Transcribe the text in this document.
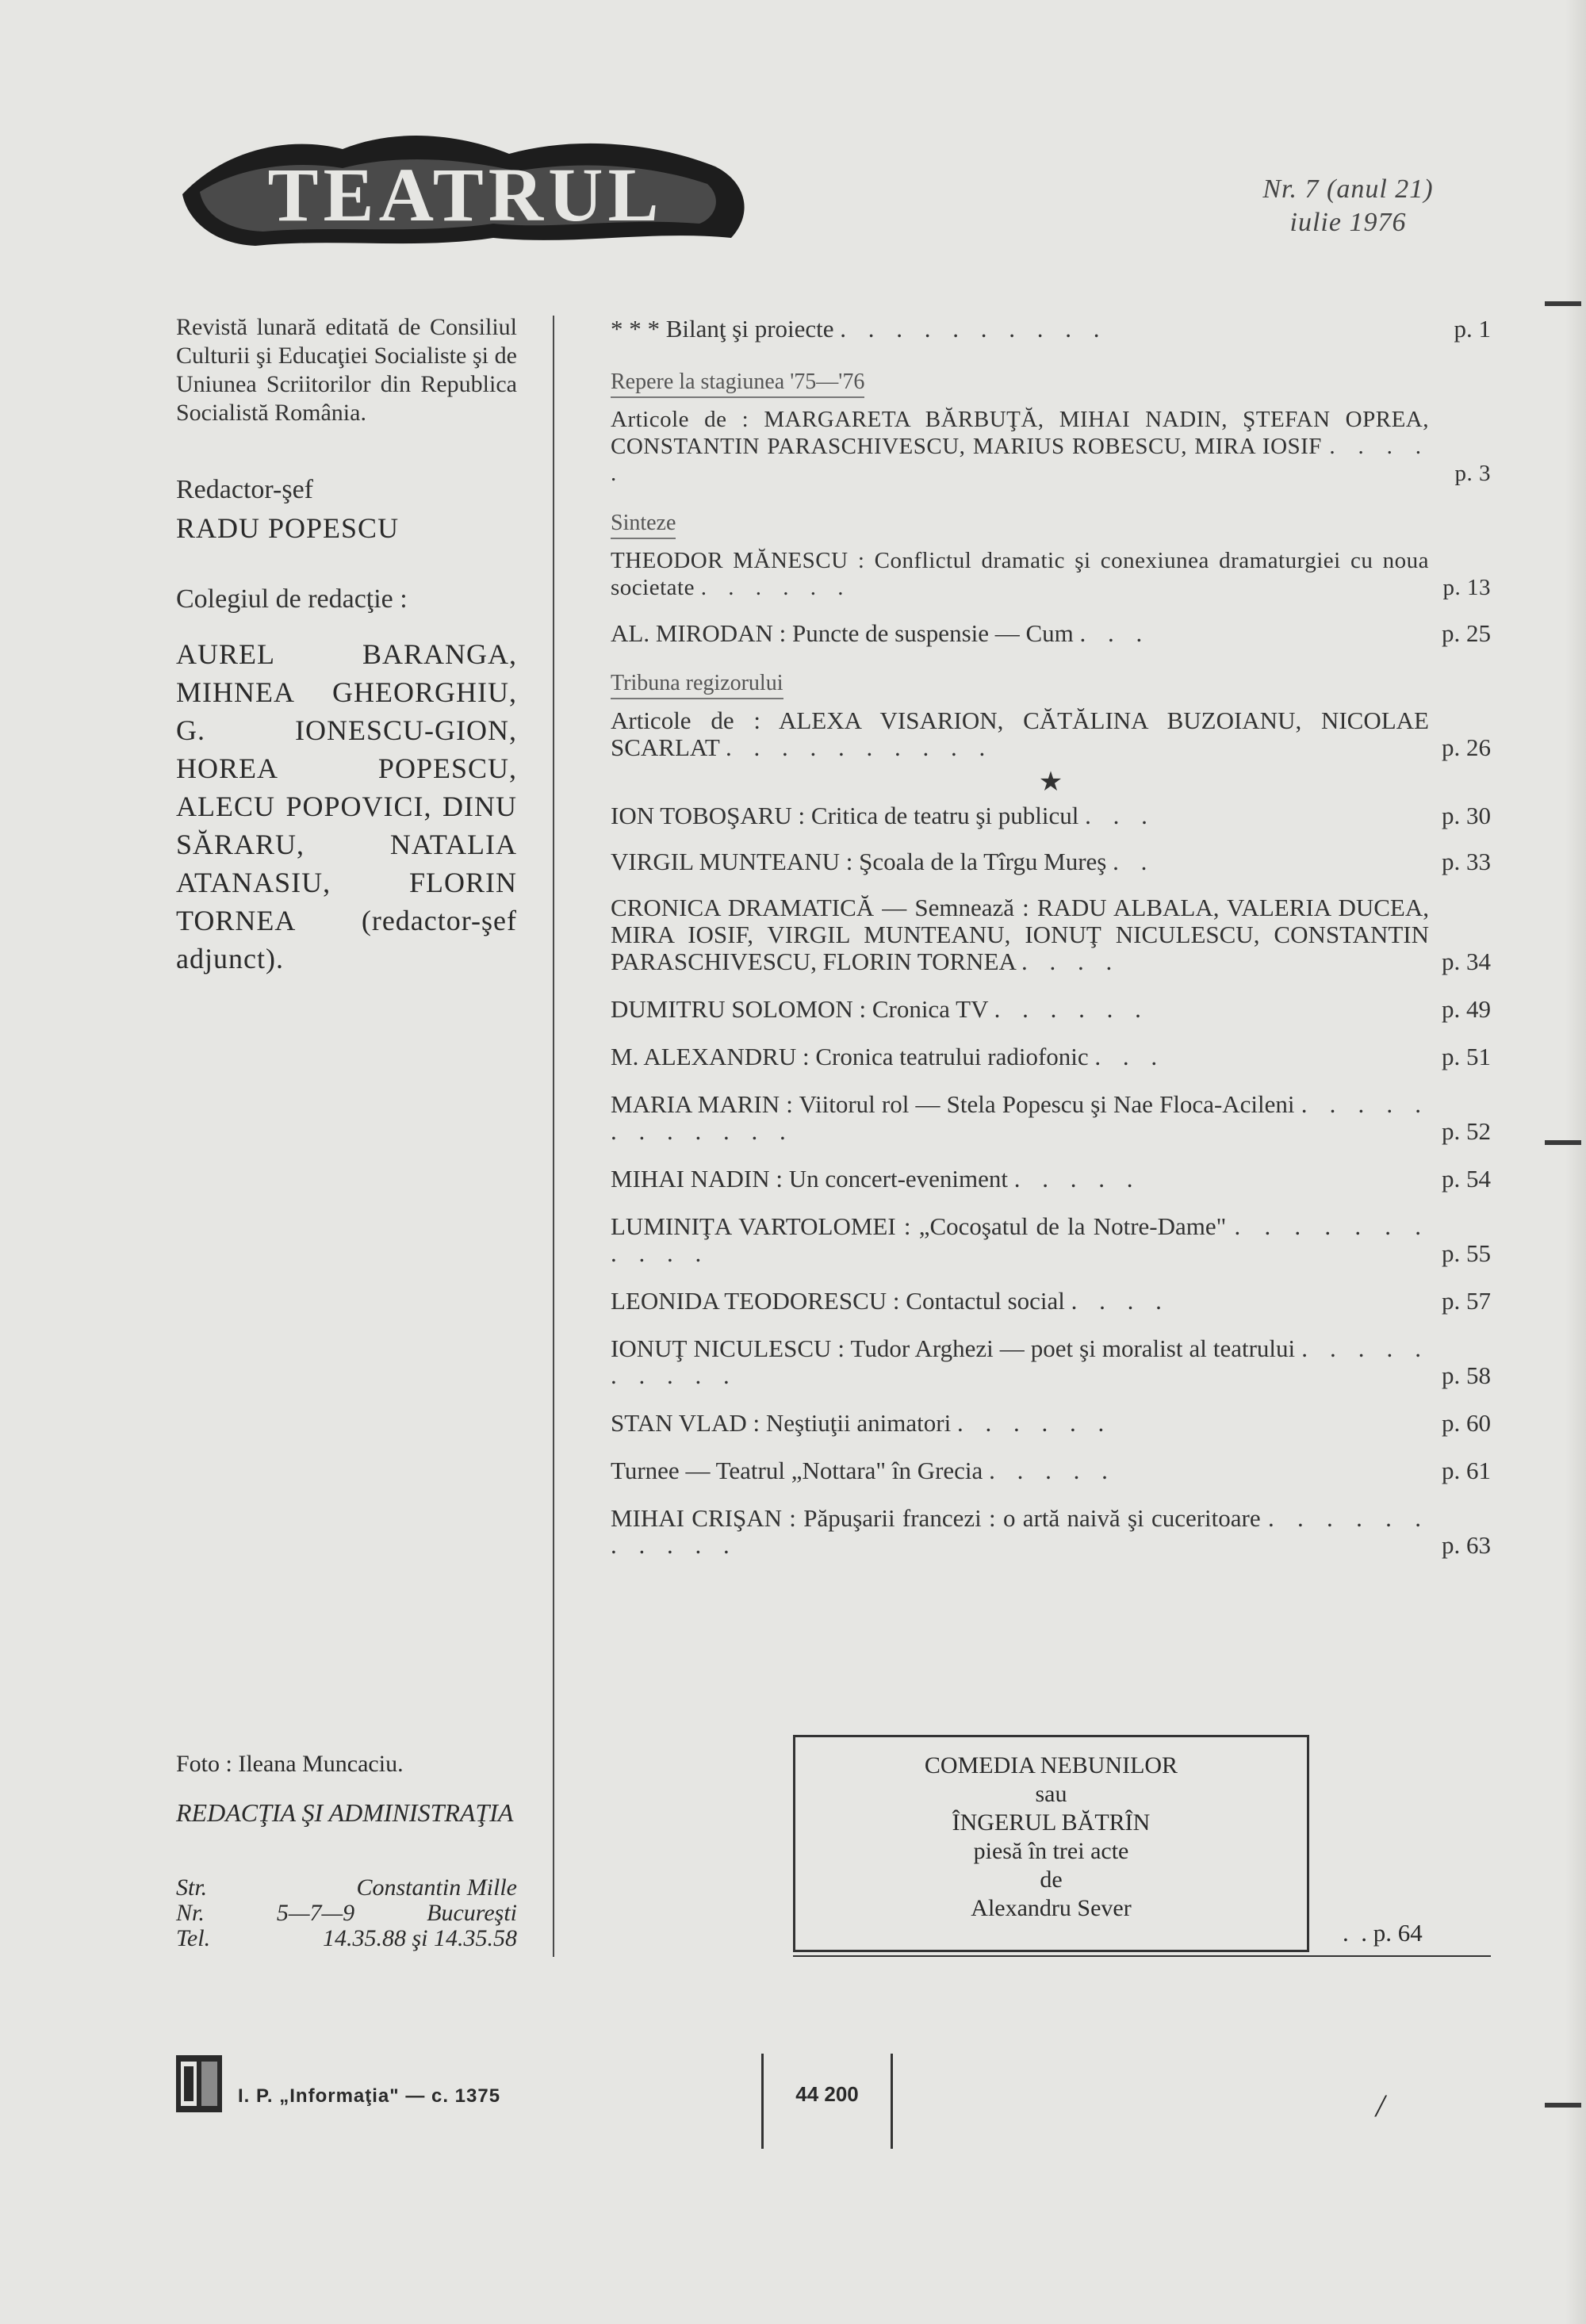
TEATRUL	Nr. 7 (anul 21)
iulie 1976
Revistă lunară editată de Consiliul Culturii şi Educaţiei Socialiste şi de Uniunea Scriitorilor din Republica Socialistă România.
Redactor-şef
RADU POPESCU
Colegiul de redacţie :
AUREL BARANGA, MIHNEA GHEORGHIU, G. IONESCU-GION, HOREA POPESCU, ALECU POPOVICI, DINU SĂRARU, NATALIA ATANASIU, FLORIN TORNEA (redactor-şef adjunct).
Foto : Ileana Muncaciu.
REDACŢIA ŞI ADMINISTRAŢIA
Str.	Constantin Mille
Nr.	5—7—9	Bucureşti
Tel.	14.35.88 şi 14.35.58
* * * Bilanţ şi proiecte . . . . . . . . . .	p. 1
Repere la stagiunea '75—'76
Articole de : MARGARETA BĂRBUŢĂ, MIHAI NADIN, ŞTEFAN OPREA, CONSTANTIN PARASCHIVESCU, MARIUS ROBESCU, MIRA IOSIF . . . . .	p. 3
Sinteze
THEODOR MĂNESCU : Conflictul dramatic şi conexiunea dramaturgiei cu noua societate . . . . . .	p. 13
AL. MIRODAN : Puncte de suspensie — Cum . . .	p. 25
Tribuna regizorului
Articole de : ALEXA VISARION, CĂTĂLINA BUZOIANU, NICOLAE SCARLAT . . . . . . . . . .	p. 26
★
ION TOBOŞARU : Critica de teatru şi publicul . . .	p. 30
VIRGIL MUNTEANU : Şcoala de la Tîrgu Mureş . .	p. 33
CRONICA DRAMATICĂ — Semnează : RADU ALBALA, VALERIA DUCEA, MIRA IOSIF, VIRGIL MUNTEANU, IONUŢ NICULESCU, CONSTANTIN PARASCHIVESCU, FLORIN TORNEA . . . .	p. 34
DUMITRU SOLOMON : Cronica TV . . . . . .	p. 49
M. ALEXANDRU : Cronica teatrului radiofonic . . .	p. 51
MARIA MARIN : Viitorul rol — Stela Popescu şi Nae Floca-Acileni . . . . . . . . . . . .	p. 52
MIHAI NADIN : Un concert-eveniment . . . . .	p. 54
LUMINIŢA VARTOLOMEI : „Cocoşatul de la Notre-Dame" . . . . . . . . . . .	p. 55
LEONIDA TEODORESCU : Contactul social . . . .	p. 57
IONUŢ NICULESCU : Tudor Arghezi — poet şi moralist al teatrului . . . . . . . . . .	p. 58
STAN VLAD : Neştiuţii animatori . . . . . .	p. 60
Turnee — Teatrul „Nottara" în Grecia . . . . .	p. 61
MIHAI CRIŞAN : Păpuşarii francezi : o artă naivă şi cuceritoare . . . . . . . . . . .	p. 63
COMEDIA NEBUNILOR
sau
ÎNGERUL BĂTRÎN
piesă în trei acte
de
Alexandru Sever
.  . p. 64
I. P. „Informaţia" — c. 1375	44 200	/
